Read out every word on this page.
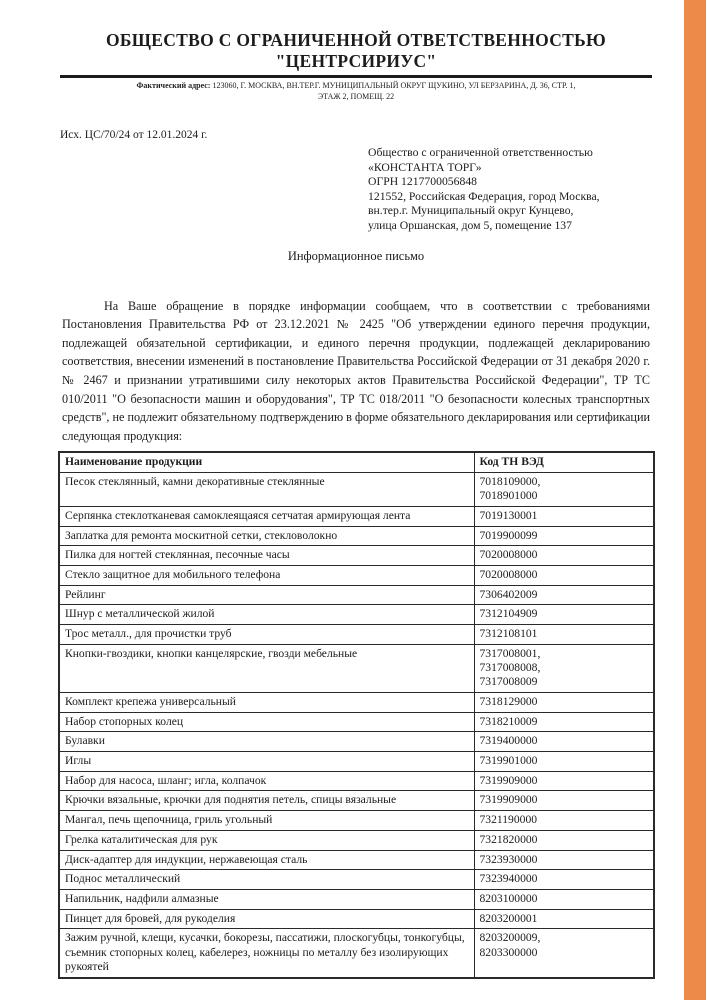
ОБЩЕСТВО С ОГРАНИЧЕННОЙ ОТВЕТСТВЕННОСТЬЮ
"ЦЕНТРСИРИУС"
Фактический адрес: 123060, Г. МОСКВА, ВН.ТЕР.Г. МУНИЦИПАЛЬНЫЙ ОКРУГ ЩУКИНО, УЛ БЕРЗАРИНА, Д. 36, СТР. 1,
ЭТАЖ 2, ПОМЕЩ. 22
Исх. ЦС/70/24 от 12.01.2024 г.
Общество с ограниченной ответственностью
«КОНСТАНТА ТОРГ»
ОГРН 1217700056848
121552, Российская Федерация, город Москва,
вн.тер.г. Муниципальный округ Кунцево,
улица Оршанская, дом 5, помещение 137
Информационное письмо

На Ваше обращение в порядке информации сообщаем, что в соответствии с требованиями Постановления Правительства РФ от 23.12.2021 № 2425 "Об утверждении единого перечня продукции, подлежащей обязательной сертификации, и единого перечня продукции, подлежащей декларированию соответствия, внесении изменений в постановление Правительства Российской Федерации от 31 декабря 2020 г. № 2467 и признании утратившими силу некоторых актов Правительства Российской Федерации", ТР ТС 010/2011 "О безопасности машин и оборудования", ТР ТС 018/2011 "О безопасности колесных транспортных средств", не подлежит обязательному подтверждению в форме обязательного декларирования или сертификации следующая продукция:

Наименование продукции	Код ТН ВЭД
Песок стеклянный, камни декоративные стеклянные	7018109000,
7018901000

Серпянка стеклотканевая самоклеящаяся сетчатая армирующая лента	7019130001

Заплатка для ремонта москитной сетки, стекловолокно	7019900099

Пилка для ногтей стеклянная, песочные часы	7020008000

Стекло защитное для мобильного телефона	7020008000

Рейлинг	7306402009

Шнур с металлической жилой	7312104909

Трос металл., для прочистки труб	7312108101

Кнопки-гвоздики, кнопки канцелярские, гвозди мебельные	7317008001,
7317008008,
7317008009

Комплект крепежа универсальный	7318129000

Набор стопорных колец	7318210009

Булавки	7319400000

Иглы	7319901000

Набор для насоса, шланг; игла, колпачок	7319909000

Крючки вязальные, крючки для поднятия петель, спицы вязальные	7319909000

Мангал, печь щепочница, гриль угольный	7321190000

Грелка каталитическая для рук	7321820000

Диск-адаптер для индукции, нержавеющая сталь	7323930000

Поднос металлический	7323940000

Напильник, надфили алмазные	8203100000

Пинцет для бровей, для рукоделия	8203200001

Зажим ручной, клещи, кусачки, бокорезы, пассатижи, плоскогубцы, тонкогубцы, съемник стопорных колец, кабелерез, ножницы по металлу без изолирующих рукоятей	8203200009,
8203300000
